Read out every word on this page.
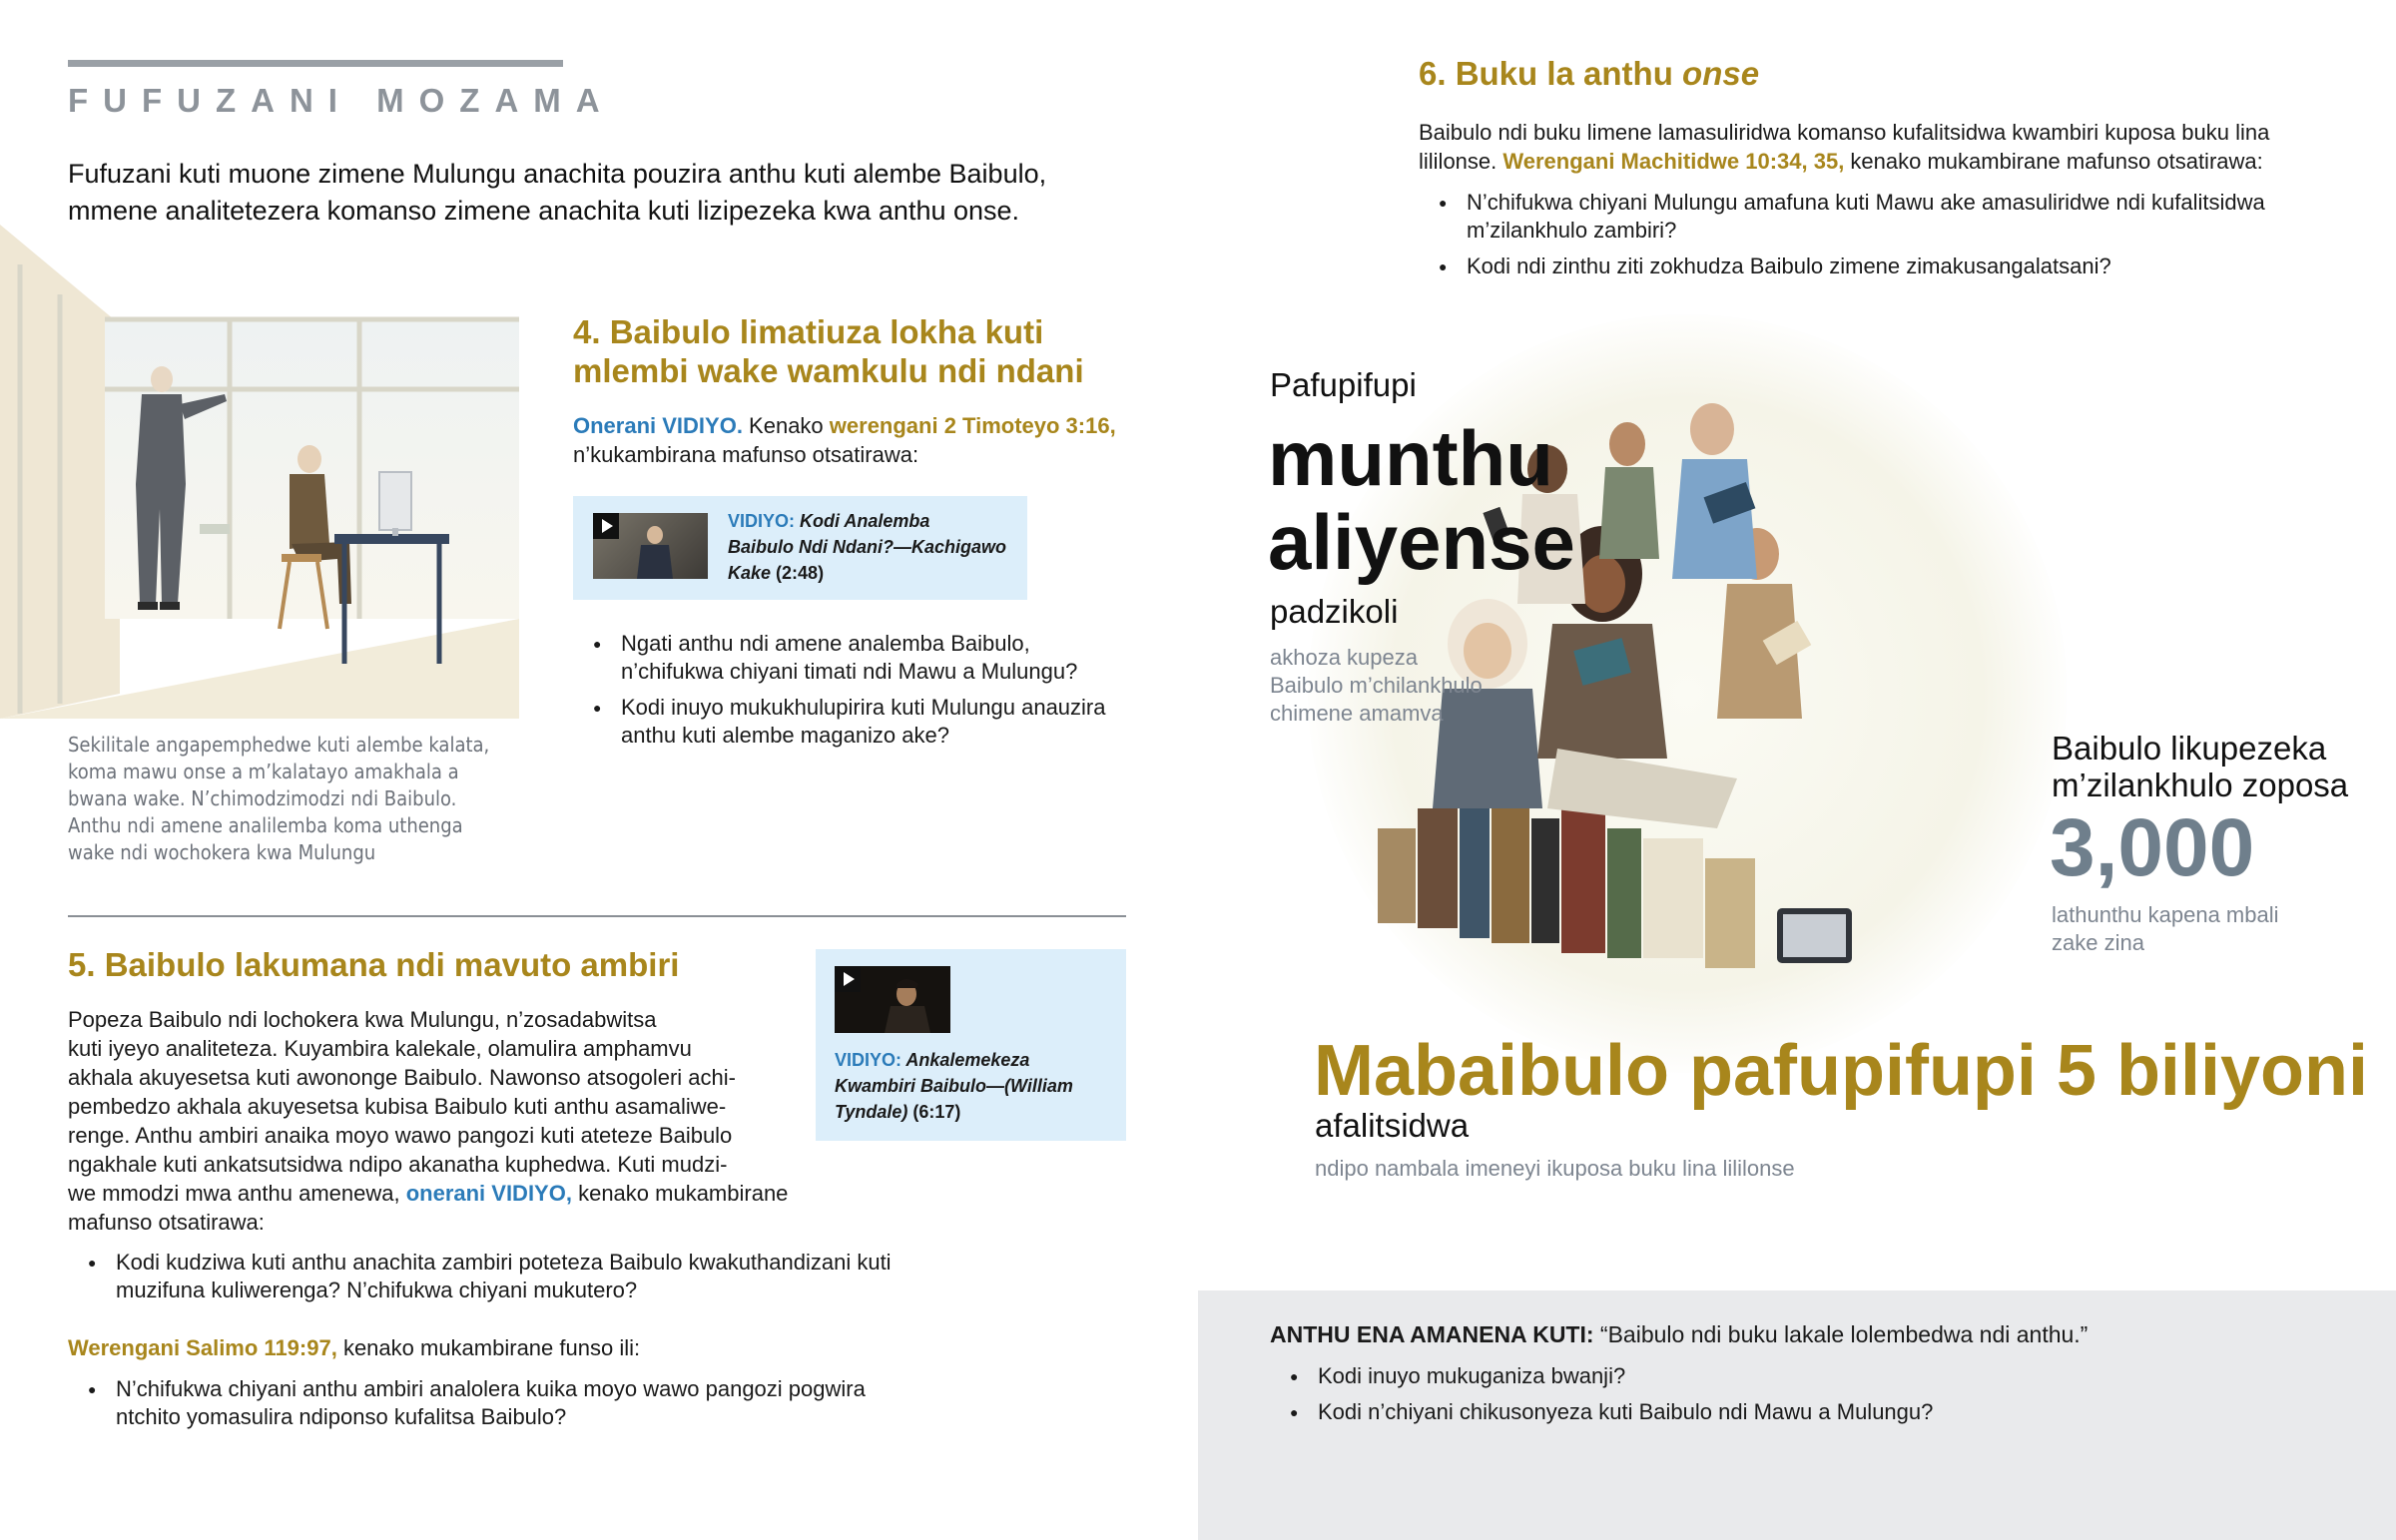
FUFUZANI MOZAMA
Fufuzani kuti muone zimene Mulungu anachita pouzira anthu kuti alembe Baibulo, mmene analitetezera komanso zimene anachita kuti lizipezeka kwa anthu onse.
Sekilitale angapemphedwe kuti alembe kalata,
koma mawu onse a m’kalatayo amakhala a
bwana wake. N’chimodzimodzi ndi Baibulo.
Anthu ndi amene analilemba koma uthenga
wake ndi wochokera kwa Mulungu
4. Baibulo limatiuza lokha kuti
mlembi wake wamkulu ndi ndani
Onerani VIDIYO. Kenako werengani 2 Timoteyo 3:16,
n’kukambirana mafunso otsatirawa:
VIDIYO: Kodi Analemba
Baibulo Ndi Ndani?—Kachigawo
Kake (2:48)
● Ngati anthu ndi amene analemba Baibulo, n’chifukwa chiyani timati ndi Mawu a Mulungu?
● Kodi inuyo mukukhulupirira kuti Mulungu anauzira anthu kuti alembe maganizo ake?
5. Baibulo lakumana ndi mavuto ambiri
Popeza Baibulo ndi lochokera kwa Mulungu, n’zosadabwitsa
kuti iyeyo analiteteza. Kuyambira kalekale, olamulira amphamvu
akhala akuyesetsa kuti awononge Baibulo. Nawonso atsogoleri achi-
pembedzo akhala akuyesetsa kubisa Baibulo kuti anthu asamaliwe-
renge. Anthu ambiri anaika moyo wawo pangozi kuti ateteze Baibulo
ngakhale kuti ankatsutsidwa ndipo akanatha kuphedwa. Kuti mudzi-
we mmodzi mwa anthu amenewa, onerani VIDIYO, kenako mukambirane
mafunso otsatirawa:
VIDIYO: Ankalemekeza
Kwambiri Baibulo—(William
Tyndale) (6:17)
● Kodi kudziwa kuti anthu anachita zambiri poteteza Baibulo kwakuthandizani kuti muzifuna kuliwerenga? N’chifukwa chiyani mukutero?
Werengani Salimo 119:97, kenako mukambirane funso ili:
● N’chifukwa chiyani anthu ambiri analolera kuika moyo wawo pangozi pogwira ntchito yomasulira ndiponso kufalitsa Baibulo?
6. Buku la anthu onse
Baibulo ndi buku limene lamasuliridwa komanso kufalitsidwa kwambiri kuposa buku lina
lililonse. Werengani Machitidwe 10:34, 35, kenako mukambirane mafunso otsatirawa:
● N’chifukwa chiyani Mulungu amafuna kuti Mawu ake amasuliridwe ndi kufalitsidwa m’zilankhulo zambiri?
● Kodi ndi zinthu ziti zokhudza Baibulo zimene zimakusangalatsani?
Pafupifupi
munthu
aliyense
padzikoli
akhoza kupeza
Baibulo m’chilankhulo
chimene amamva
Baibulo likupezeka
m’zilankhulo zoposa
3,000
lathunthu kapena mbali
zake zina
Mabaibulo pafupifupi 5 biliyoni
afalitsidwa
ndipo nambala imeneyi ikuposa buku lina lililonse
ANTHU ENA AMANENA KUTI: “Baibulo ndi buku lakale lolembedwa ndi anthu.”
● Kodi inuyo mukuganiza bwanji?
● Kodi n’chiyani chikusonyeza kuti Baibulo ndi Mawu a Mulungu?
